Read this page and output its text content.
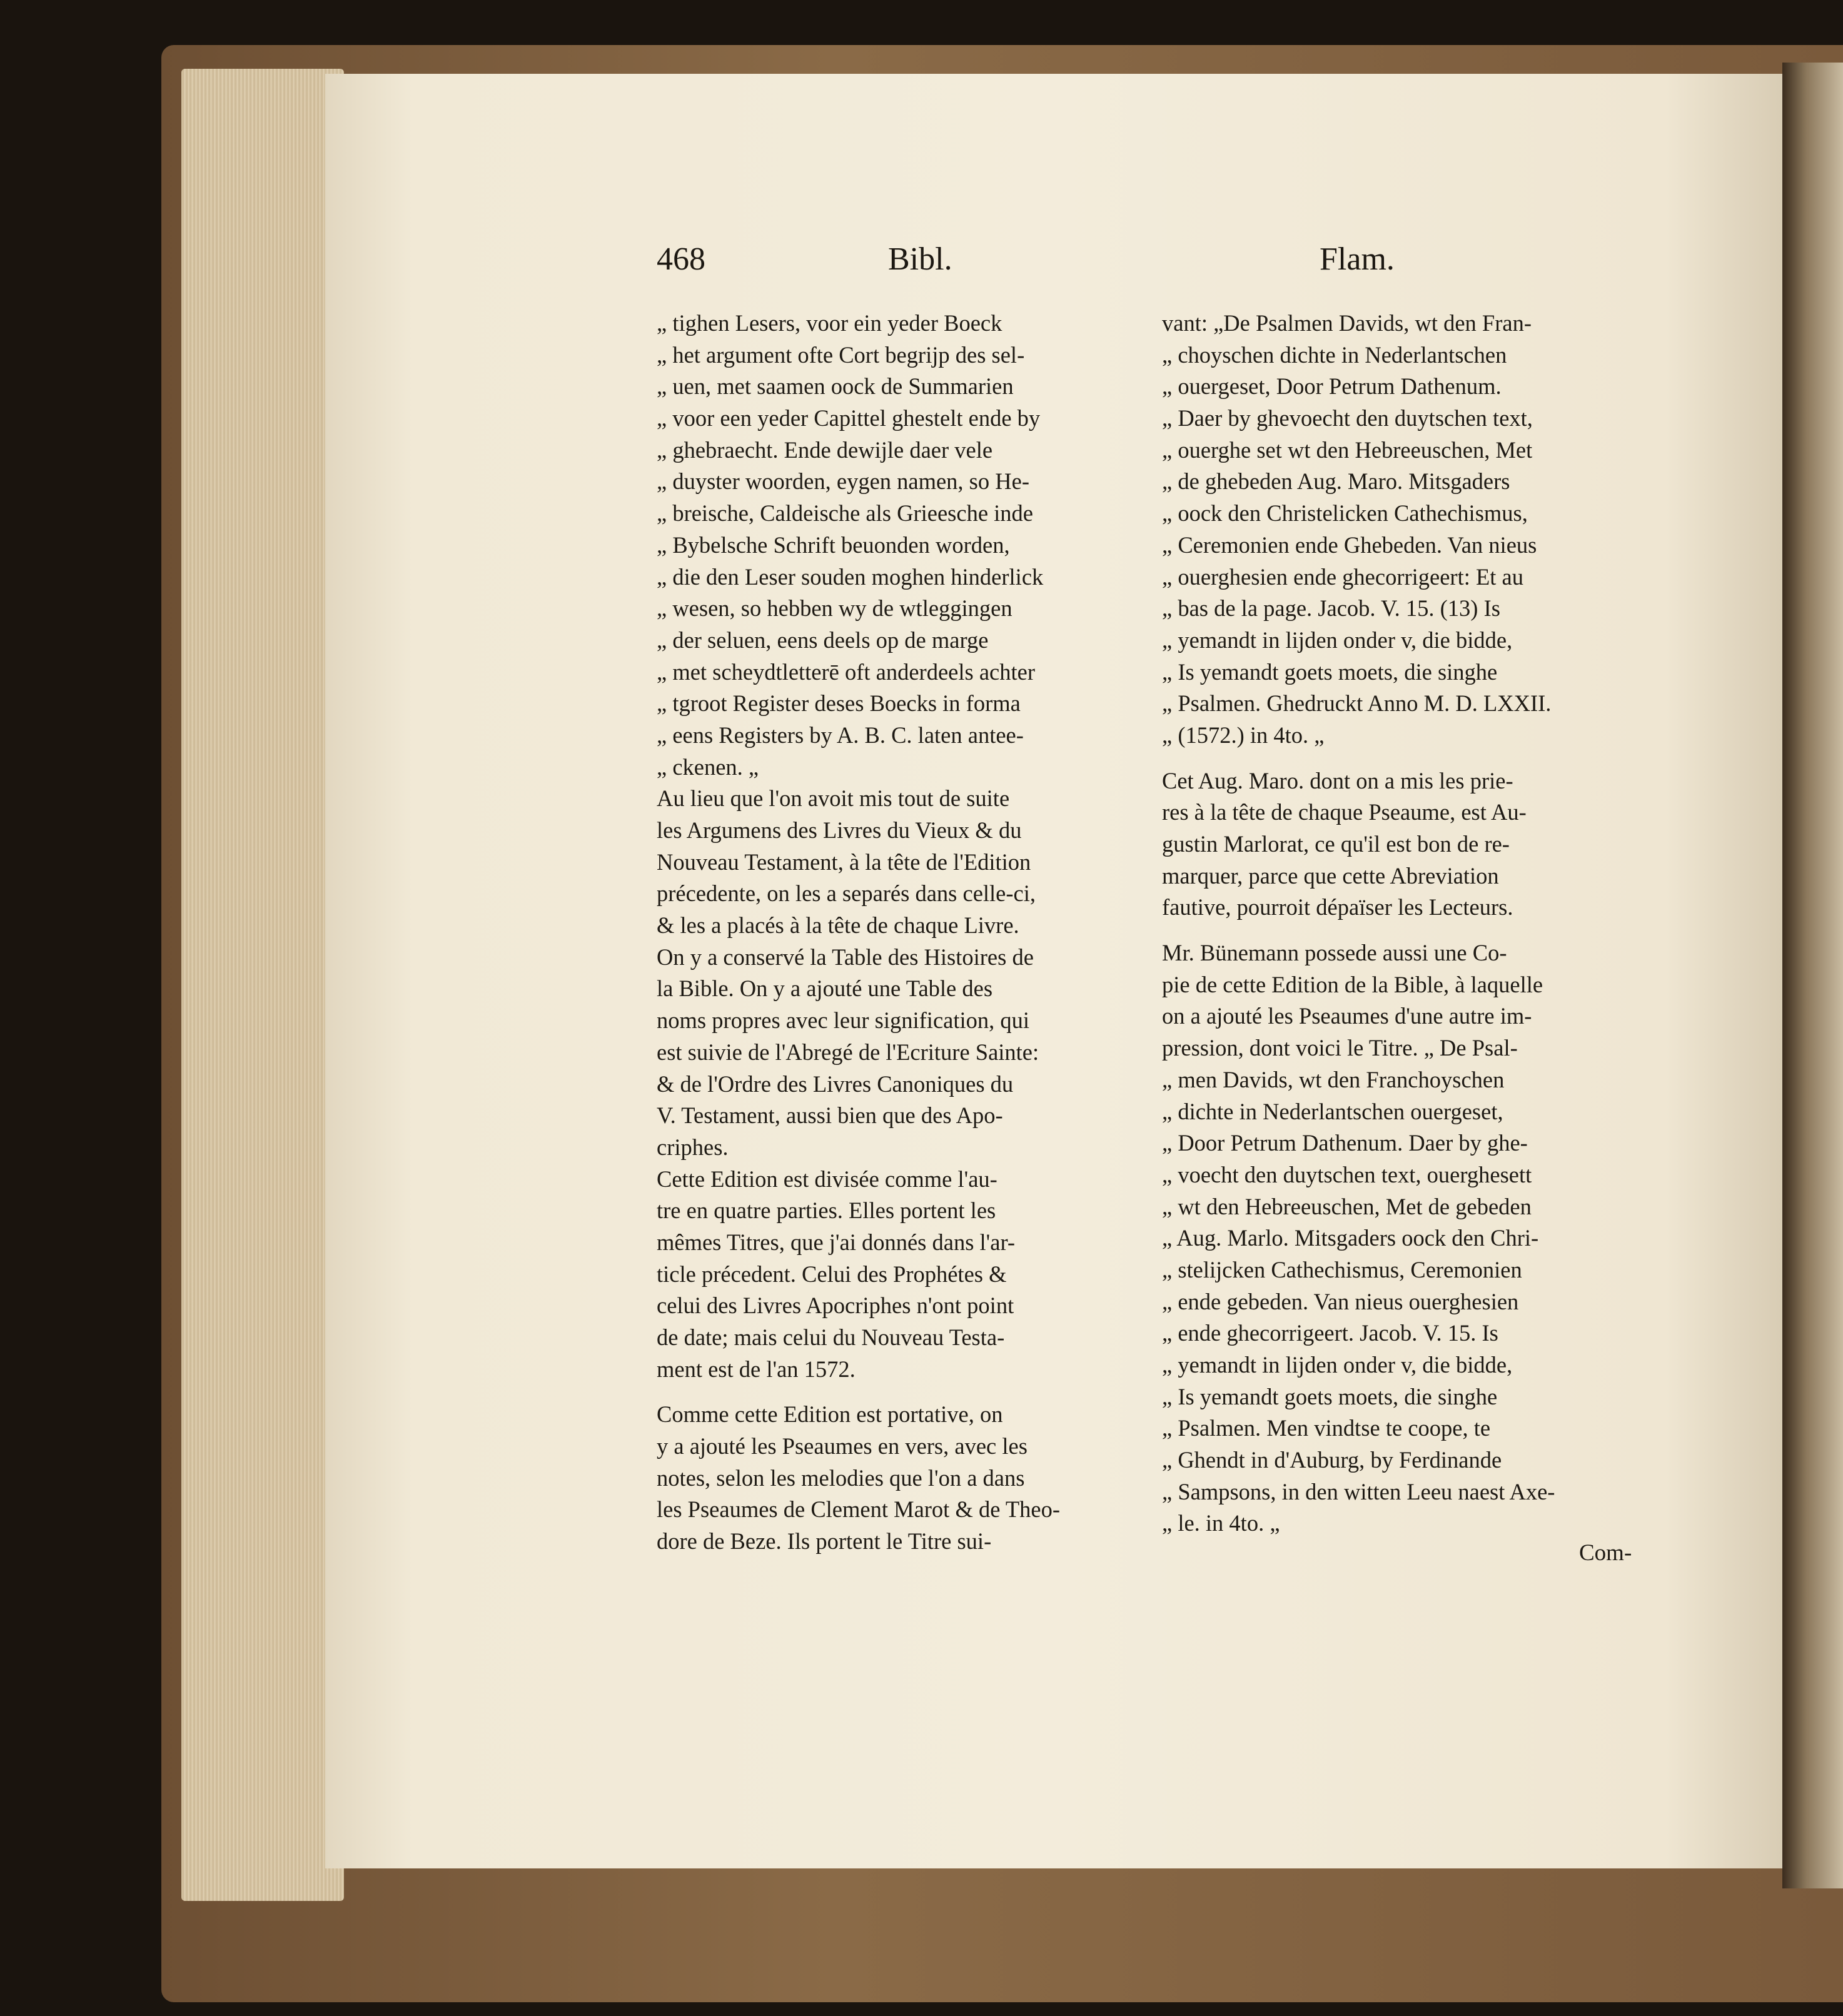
468	Bibl.	Flam.
„ tighen Lesers, voor ein yeder Boeck
„ het argument ofte Cort begrijp des sel-
„ uen, met saamen oock de Summarien
„ voor een yeder Capittel ghestelt ende by
„ ghebraecht. Ende dewijle daer vele
„ duyster woorden, eygen namen, so He-
„ breische, Caldeische als Grieesche inde
„ Bybelsche Schrift beuonden worden,
„ die den Leser souden moghen hinderlick
„ wesen, so hebben wy de wtleggingen
„ der seluen, eens deels op de marge
„ met scheydtletterē oft anderdeels achter
„ tgroot Register deses Boecks in forma
„ eens Registers by A. B. C. laten antee-
„ ckenen. „
Au lieu que l'on avoit mis tout de suite
les Argumens des Livres du Vieux & du
Nouveau Testament, à la tête de l'Edition
précedente, on les a separés dans celle-ci,
& les a placés à la tête de chaque Livre.
On y a conservé la Table des Histoires de
la Bible. On y a ajouté une Table des
noms propres avec leur signification, qui
est suivie de l'Abregé de l'Ecriture Sainte:
& de l'Ordre des Livres Canoniques du
V. Testament, aussi bien que des Apo-
criphes.
Cette Edition est divisée comme l'au-
tre en quatre parties. Elles portent les
mêmes Titres, que j'ai donnés dans l'ar-
ticle précedent. Celui des Prophétes &
celui des Livres Apocriphes n'ont point
de date; mais celui du Nouveau Testa-
ment est de l'an 1572.
Comme cette Edition est portative, on
y a ajouté les Pseaumes en vers, avec les
notes, selon les melodies que l'on a dans
les Pseaumes de Clement Marot & de Theo-
dore de Beze. Ils portent le Titre sui-
vant: „De Psalmen Davids, wt den Fran-
„ choyschen dichte in Nederlantschen
„ ouergeset, Door Petrum Dathenum.
„ Daer by ghevoecht den duytschen text,
„ ouerghe set wt den Hebreeuschen, Met
„ de ghebeden Aug. Maro. Mitsgaders
„ oock den Christelicken Cathechismus,
„ Ceremonien ende Ghebeden. Van nieus
„ ouerghesien ende ghecorrigeert: Et au
„ bas de la page. Jacob. V. 15. (13) Is
„ yemandt in lijden onder v, die bidde,
„ Is yemandt goets moets, die singhe
„ Psalmen. Ghedruckt Anno M. D. LXXII.
„ (1572.) in 4to. „
Cet Aug. Maro. dont on a mis les prie-
res à la tête de chaque Pseaume, est Au-
gustin Marlorat, ce qu'il est bon de re-
marquer, parce que cette Abreviation
fautive, pourroit dépaïser les Lecteurs.
Mr. Bünemann possede aussi une Co-
pie de cette Edition de la Bible, à laquelle
on a ajouté les Pseaumes d'une autre im-
pression, dont voici le Titre. „ De Psal-
„ men Davids, wt den Franchoyschen
„ dichte in Nederlantschen ouergeset,
„ Door Petrum Dathenum. Daer by ghe-
„ voecht den duytschen text, ouerghesett
„ wt den Hebreeuschen, Met de gebeden
„ Aug. Marlo. Mitsgaders oock den Chri-
„ stelijcken Cathechismus, Ceremonien
„ ende gebeden. Van nieus ouerghesien
„ ende ghecorrigeert. Jacob. V. 15. Is
„ yemandt in lijden onder v, die bidde,
„ Is yemandt goets moets, die singhe
„ Psalmen. Men vindtse te coope, te
„ Ghendt in d'Auburg, by Ferdinande
„ Sampsons, in den witten Leeu naest Axe-
„ le. in 4to. „
Com-
